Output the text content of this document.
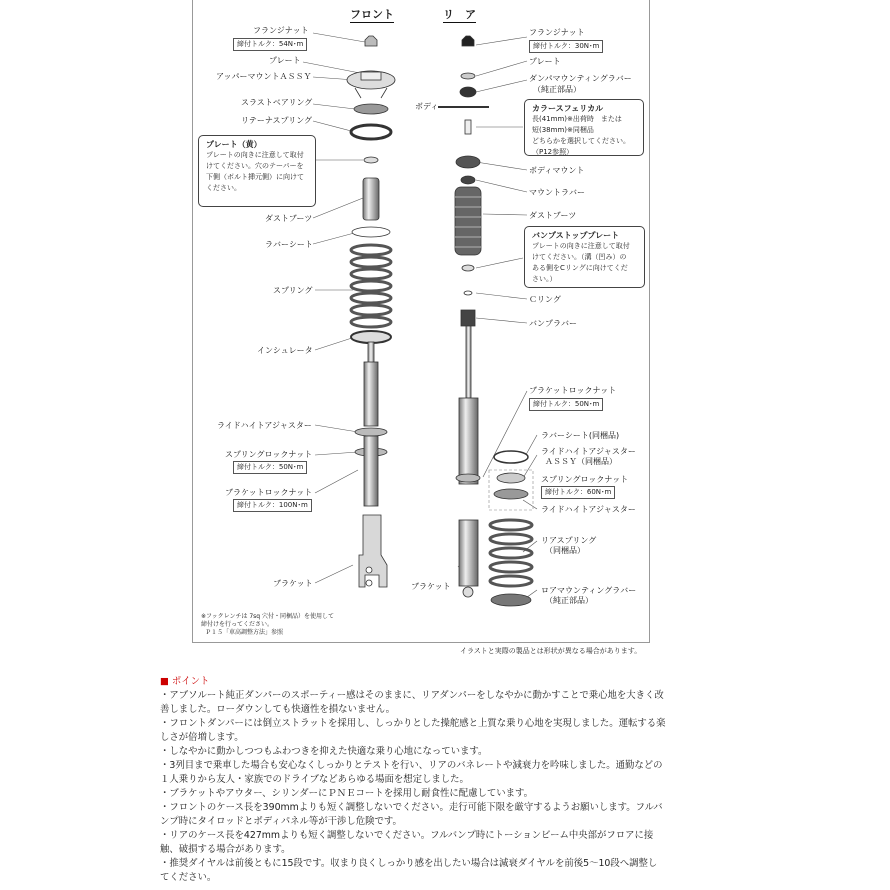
フロント	リ　ア
フランジナット
締付トルク：54N･m
プレート
アッパーマウントＡＳＳＹ
スラストベアリング
リテーナスプリング
プレート（黄）
プレートの向きに注意して取付
けてください。穴のテーパーを
下側（ボルト挿元側）に向けて
ください。
ダストブーツ
ラバーシート
スプリング
インシュレータ
ライドハイトアジャスター
スプリングロックナット
締付トルク：50N･m
ブラケットロックナット
締付トルク：100N･m
ブラケット
※フックレンチは 7sq 穴付・同梱品）を使用して
締付けを行ってください。
Ｐ１５「車高調整方法」参照
フランジナット
締付トルク：30N･m
プレート
ダンパマウンティングラバー
（純正部品）
ボディ	カラースフェリカル
長(41mm)※出荷時　または
短(38mm)※同梱品
どちらかを選択してください。
（P12参照）
ボディマウント
マウントラバー
ダストブーツ
バンプストッププレート
プレートの向きに注意して取付
けてください。（溝（凹み）の
ある側をCリングに向けてくだ
さい。）
Ｃリング
バンプラバー
ブラケットロックナット
締付トルク：50N･m
ラバーシート(同梱品)
ライドハイトアジャスター
ＡＳＳＹ（同梱品）
スプリングロックナット
締付トルク：60N･m
ライドハイトアジャスター
リアスプリング
（同梱品）
ブラケット	ロアマウンティングラバー
（純正部品）
イラストと実際の製品とは形状が異なる場合があります。
■ ポイント
・アブソルート純正ダンパーのスポーティー感はそのままに、リアダンパーをしなやかに動かすことで乗心地を大きく改
善しました。ローダウンしても快適性を損ないません。
・フロントダンパーには倒立ストラットを採用し、しっかりとした操舵感と上質な乗り心地を実現しました。運転する楽
しさが倍増します。
・しなやかに動かしつつもふわつきを抑えた快適な乗り心地になっています。
・3列目まで乗車した場合も安心なくしっかりとテストを行い、リアのバネレートや減衰力を吟味しました。通勤などの
１人乗りから友人・家族でのドライブなどあらゆる場面を想定しました。
・ブラケットやアウター、シリンダーにＰＮＥコートを採用し耐食性に配慮しています。
・フロントのケース長を390mmよりも短く調整しないでください。走行可能下限を厳守するようお願いします。フルバ
ンプ時にタイロッドとボディパネル等が干渉し危険です。
・リアのケース長を427mmよりも短く調整しないでください。フルバンプ時にトーションビーム中央部がフロアに接
触、破損する場合があります。
・推奨ダイヤルは前後ともに15段です。収まり良くしっかり感を出したい場合は減衰ダイヤルを前後5〜10段へ調整し
てください。
